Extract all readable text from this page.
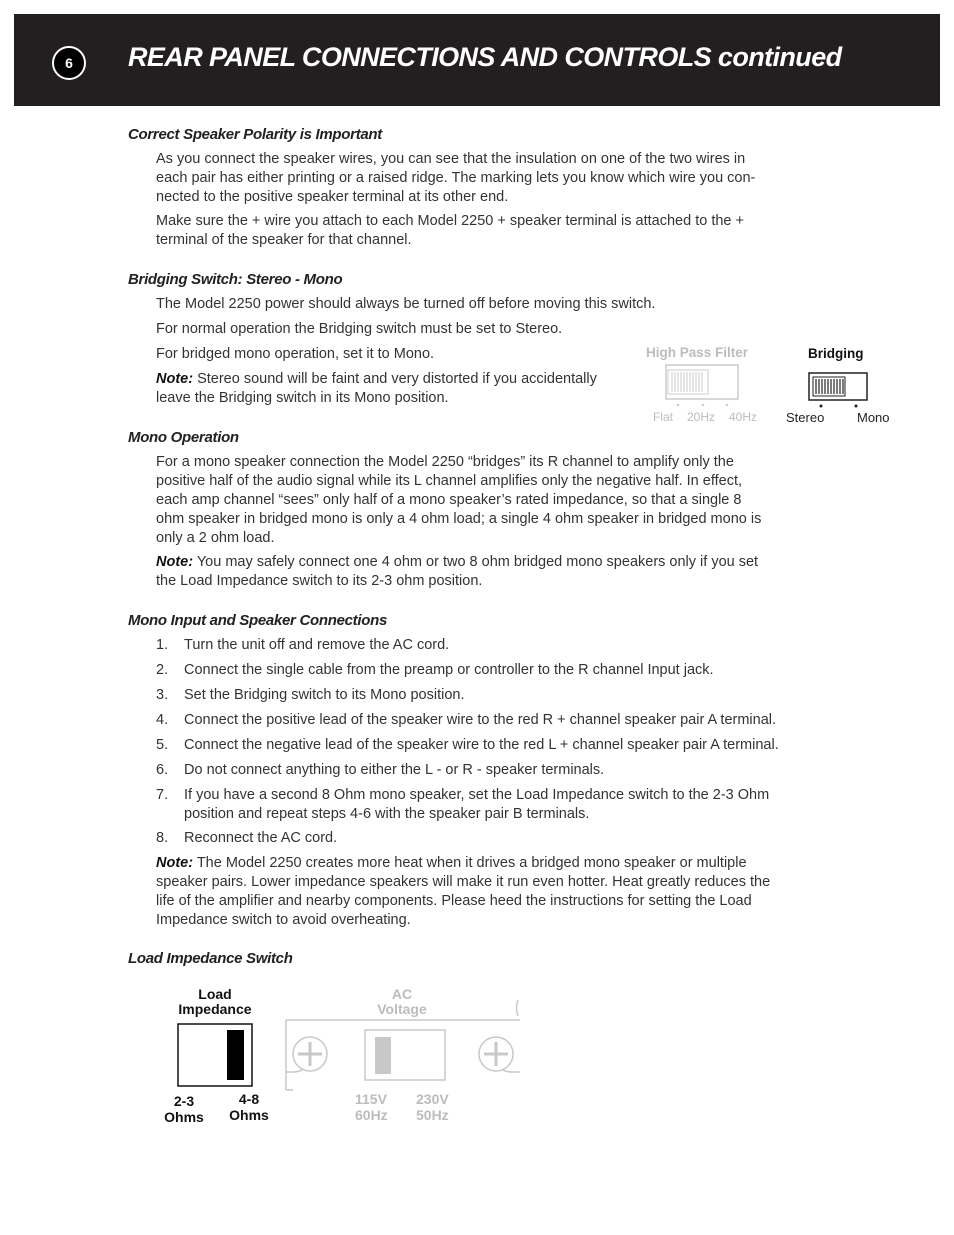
6	REAR PANEL CONNECTIONS AND CONTROLS continued
Correct Speaker Polarity is Important
As you connect the speaker wires, you can see that the insulation on one of the two wires in
each pair has either printing or a raised ridge. The marking lets you know which wire you con-
nected to the positive speaker terminal at its other end.
Make sure the + wire you attach to each Model 2250 + speaker terminal is attached to the +
terminal of the speaker for that channel.
Bridging Switch: Stereo - Mono
The Model 2250 power should always be turned off before moving this switch.
For normal operation the Bridging switch must be set to Stereo.
For bridged mono operation, set it to Mono.
Note: Stereo sound will be faint and very distorted if you accidentally
leave the Bridging switch in its Mono position.
High Pass Filter
Flat 20Hz 40Hz
Bridging
Stereo	Mono
Mono Operation
For a mono speaker connection the Model 2250 “bridges” its R channel to amplify only the
positive half of the audio signal while its L channel amplifies only the negative half. In effect,
each amp channel “sees” only half of a mono speaker’s rated impedance, so that a single 8
ohm speaker in bridged mono is only a 4 ohm load; a single 4 ohm speaker in bridged mono is
only a 2 ohm load.
Note: You may safely connect one 4 ohm or two 8 ohm bridged mono speakers only if you set
the Load Impedance switch to its 2-3 ohm position.
Mono Input and Speaker Connections
1. Turn the unit off and remove the AC cord.
2. Connect the single cable from the preamp or controller to the R channel Input jack.
3. Set the Bridging switch to its Mono position.
4. Connect the positive lead of the speaker wire to the red R + channel speaker pair A terminal.
5. Connect the negative lead of the speaker wire to the red L + channel speaker pair A terminal.
6. Do not connect anything to either the L - or R - speaker terminals.
7. If you have a second 8 Ohm mono speaker, set the Load Impedance switch to the 2-3 Ohm
position and repeat steps 4-6 with the speaker pair B terminals.
8. Reconnect the AC cord.
Note: The Model 2250 creates more heat when it drives a bridged mono speaker or multiple
speaker pairs. Lower impedance speakers will make it run even hotter. Heat greatly reduces the
life of the amplifier and nearby components. Please heed the instructions for setting the Load
Impedance switch to avoid overheating.
Load Impedance Switch
Load
Impedance
2-3
Ohms
4-8
Ohms
AC
Voltage
115V
60Hz
230V
50Hz
